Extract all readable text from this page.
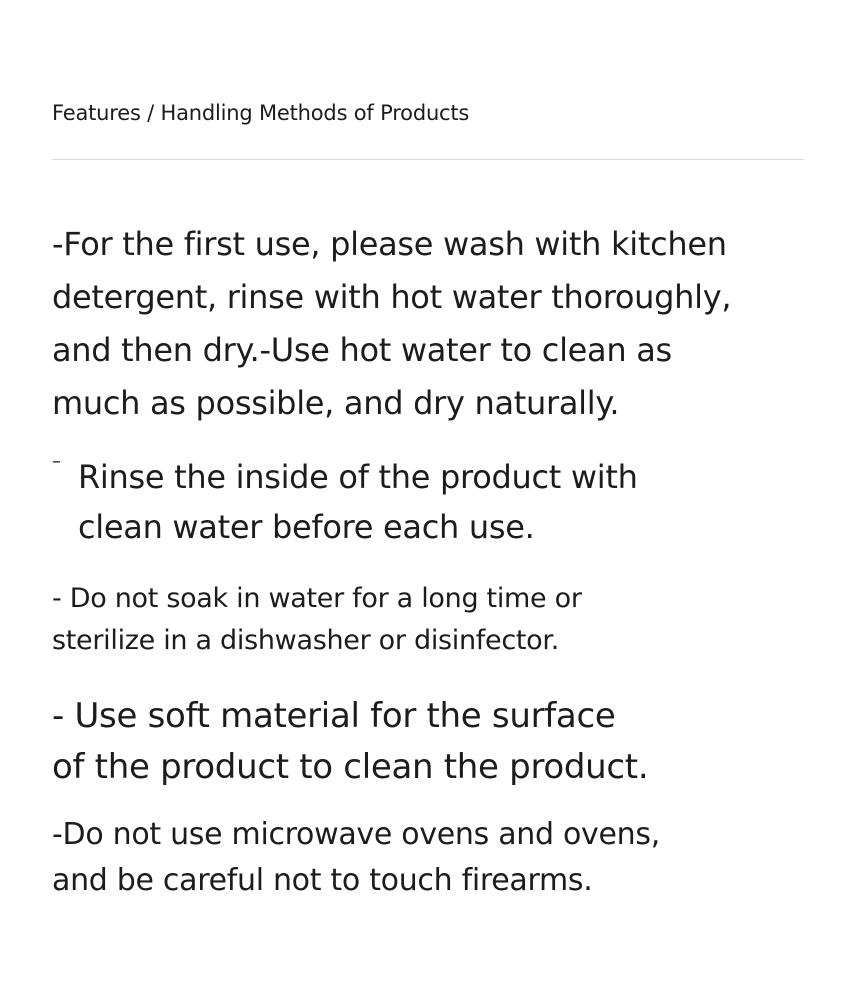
Features / Handling Methods of Products

-For the first use, please wash with kitchen
detergent, rinse with hot water thoroughly,
and then dry.-Use hot water to clean as
much as possible, and dry naturally.

– Rinse the inside of the product with
clean water before each use.

- Do not soak in water for a long time or
sterilize in a dishwasher or disinfector.

- Use soft material for the surface
of the product to clean the product.

-Do not use microwave ovens and ovens,
and be careful not to touch firearms.
